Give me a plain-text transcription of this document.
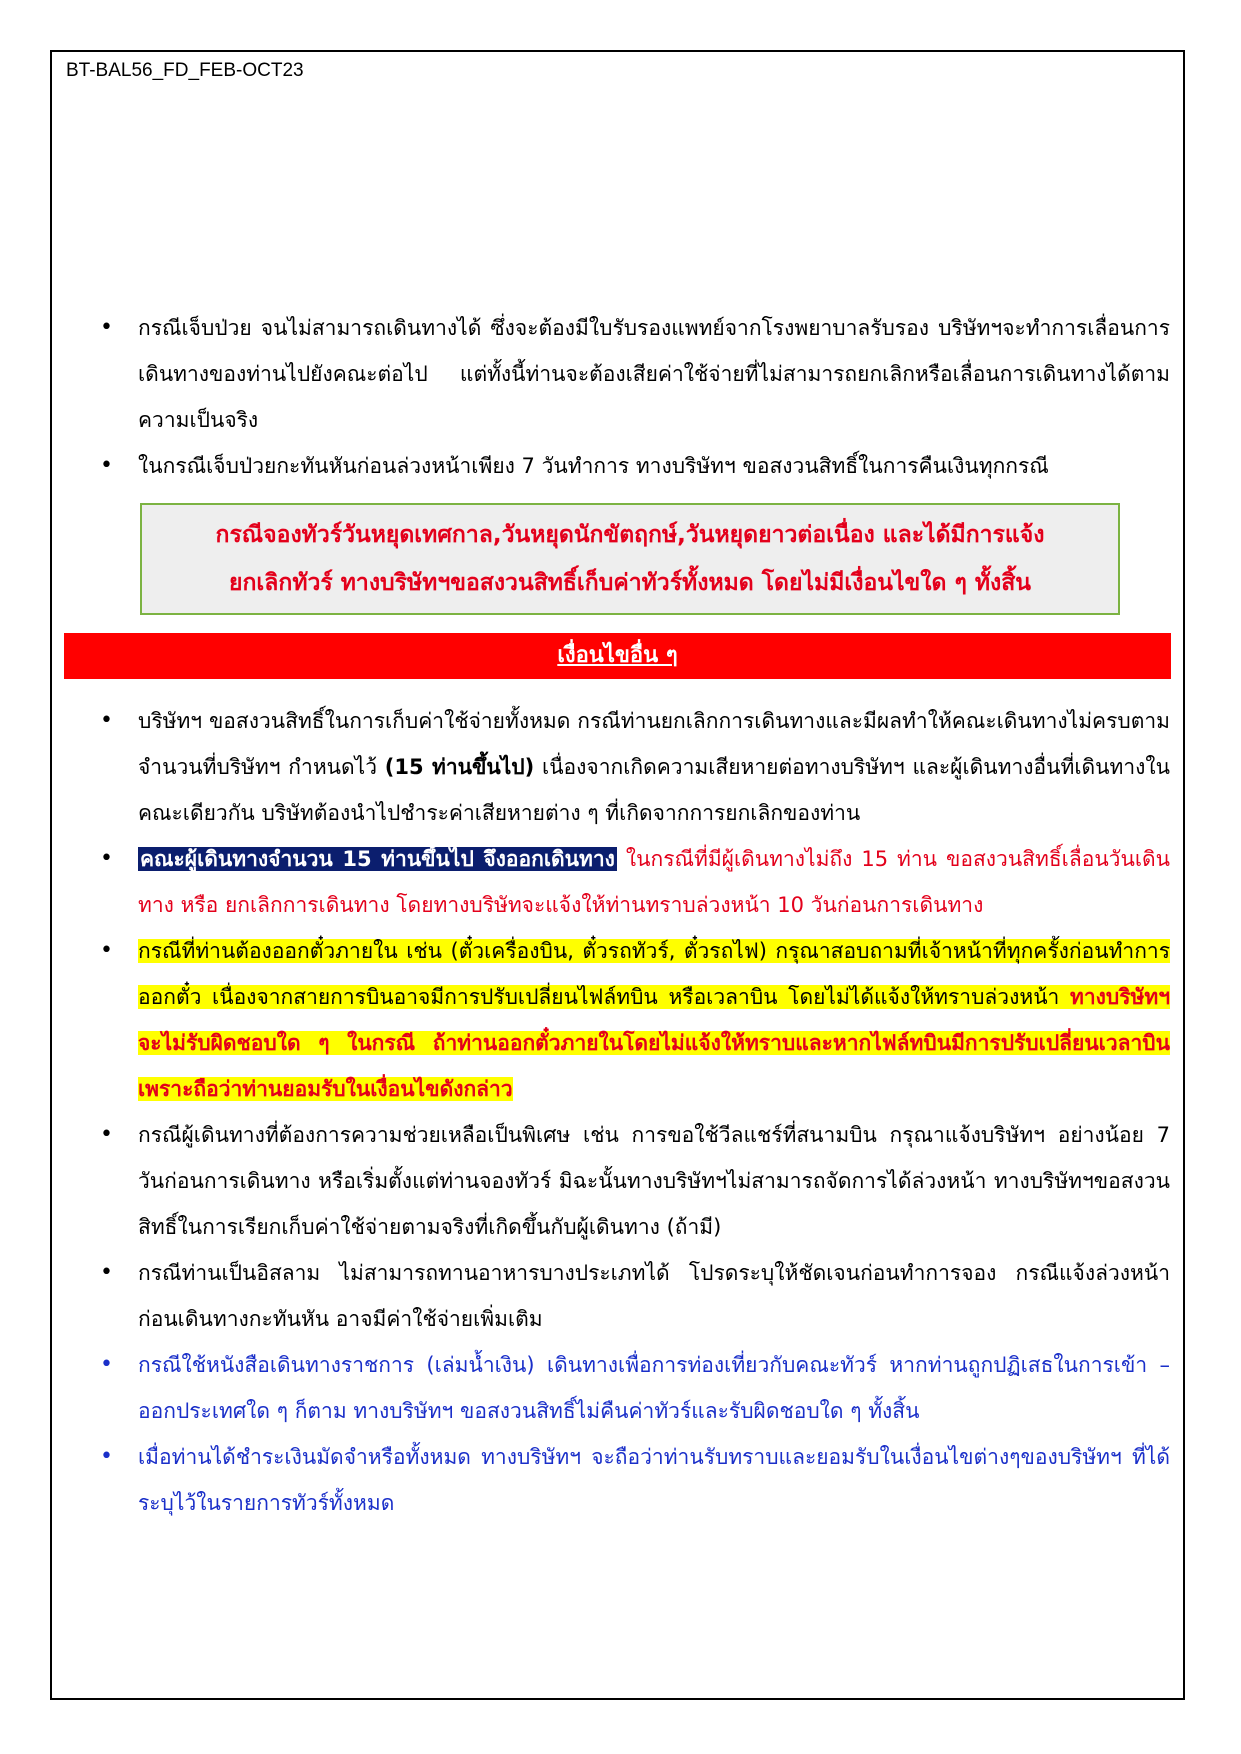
BT-BAL56_FD_FEB-OCT23
• กรณีเจ็บป่วย จนไม่สามารถเดินทางได้ ซึ่งจะต้องมีใบรับรองแพทย์จากโรงพยาบาลรับรอง บริษัทฯจะทำการเลื่อนการเดินทางของท่านไปยังคณะต่อไป แต่ทั้งนี้ท่านจะต้องเสียค่าใช้จ่ายที่ไม่สามารถยกเลิกหรือเลื่อนการเดินทางได้ตามความเป็นจริง
• ในกรณีเจ็บป่วยกะทันหันก่อนล่วงหน้าเพียง 7 วันทำการ ทางบริษัทฯ ขอสงวนสิทธิ์ในการคืนเงินทุกกรณี
กรณีจองทัวร์วันหยุดเทศกาล,วันหยุดนักขัตฤกษ์,วันหยุดยาวต่อเนื่อง และได้มีการแจ้ง
ยกเลิกทัวร์ ทางบริษัทฯขอสงวนสิทธิ์เก็บค่าทัวร์ทั้งหมด โดยไม่มีเงื่อนไขใด ๆ ทั้งสิ้น
เงื่อนไขอื่น ๆ
• บริษัทฯ ขอสงวนสิทธิ์ในการเก็บค่าใช้จ่ายทั้งหมด กรณีท่านยกเลิกการเดินทางและมีผลทำให้คณะเดินทางไม่ครบตามจำนวนที่บริษัทฯ กำหนดไว้ (15 ท่านขึ้นไป) เนื่องจากเกิดความเสียหายต่อทางบริษัทฯ และผู้เดินทางอื่นที่เดินทางในคณะเดียวกัน บริษัทต้องนำไปชำระค่าเสียหายต่าง ๆ ที่เกิดจากการยกเลิกของท่าน
• คณะผู้เดินทางจำนวน 15 ท่านขึ้นไป จึงออกเดินทาง ในกรณีที่มีผู้เดินทางไม่ถึง 15 ท่าน ขอสงวนสิทธิ์เลื่อนวันเดินทาง หรือ ยกเลิกการเดินทาง โดยทางบริษัทจะแจ้งให้ท่านทราบล่วงหน้า 10 วันก่อนการเดินทาง
• กรณีที่ท่านต้องออกตั๋วภายใน เช่น (ตั๋วเครื่องบิน, ตั๋วรถทัวร์, ตั๋วรถไฟ) กรุณาสอบถามที่เจ้าหน้าที่ทุกครั้งก่อนทำการออกตั๋ว เนื่องจากสายการบินอาจมีการปรับเปลี่ยนไฟล์ทบิน หรือเวลาบิน โดยไม่ได้แจ้งให้ทราบล่วงหน้า ทางบริษัทฯ จะไม่รับผิดชอบใด ๆ ในกรณี ถ้าท่านออกตั๋วภายในโดยไม่แจ้งให้ทราบและหากไฟล์ทบินมีการปรับเปลี่ยนเวลาบินเพราะถือว่าท่านยอมรับในเงื่อนไขดังกล่าว
• กรณีผู้เดินทางที่ต้องการความช่วยเหลือเป็นพิเศษ เช่น การขอใช้วีลแชร์ที่สนามบิน กรุณาแจ้งบริษัทฯ อย่างน้อย 7 วันก่อนการเดินทาง หรือเริ่มตั้งแต่ท่านจองทัวร์ มิฉะนั้นทางบริษัทฯไม่สามารถจัดการได้ล่วงหน้า ทางบริษัทฯขอสงวนสิทธิ์ในการเรียกเก็บค่าใช้จ่ายตามจริงที่เกิดขึ้นกับผู้เดินทาง (ถ้ามี)
• กรณีท่านเป็นอิสลาม ไม่สามารถทานอาหารบางประเภทได้ โปรดระบุให้ชัดเจนก่อนทำการจอง กรณีแจ้งล่วงหน้าก่อนเดินทางกะทันหัน อาจมีค่าใช้จ่ายเพิ่มเติม
• กรณีใช้หนังสือเดินทางราชการ (เล่มน้ำเงิน) เดินทางเพื่อการท่องเที่ยวกับคณะทัวร์ หากท่านถูกปฏิเสธในการเข้า – ออกประเทศใด ๆ ก็ตาม ทางบริษัทฯ ขอสงวนสิทธิ์ไม่คืนค่าทัวร์และรับผิดชอบใด ๆ ทั้งสิ้น
• เมื่อท่านได้ชำระเงินมัดจำหรือทั้งหมด ทางบริษัทฯ จะถือว่าท่านรับทราบและยอมรับในเงื่อนไขต่างๆของบริษัทฯ ที่ได้ระบุไว้ในรายการทัวร์ทั้งหมด
